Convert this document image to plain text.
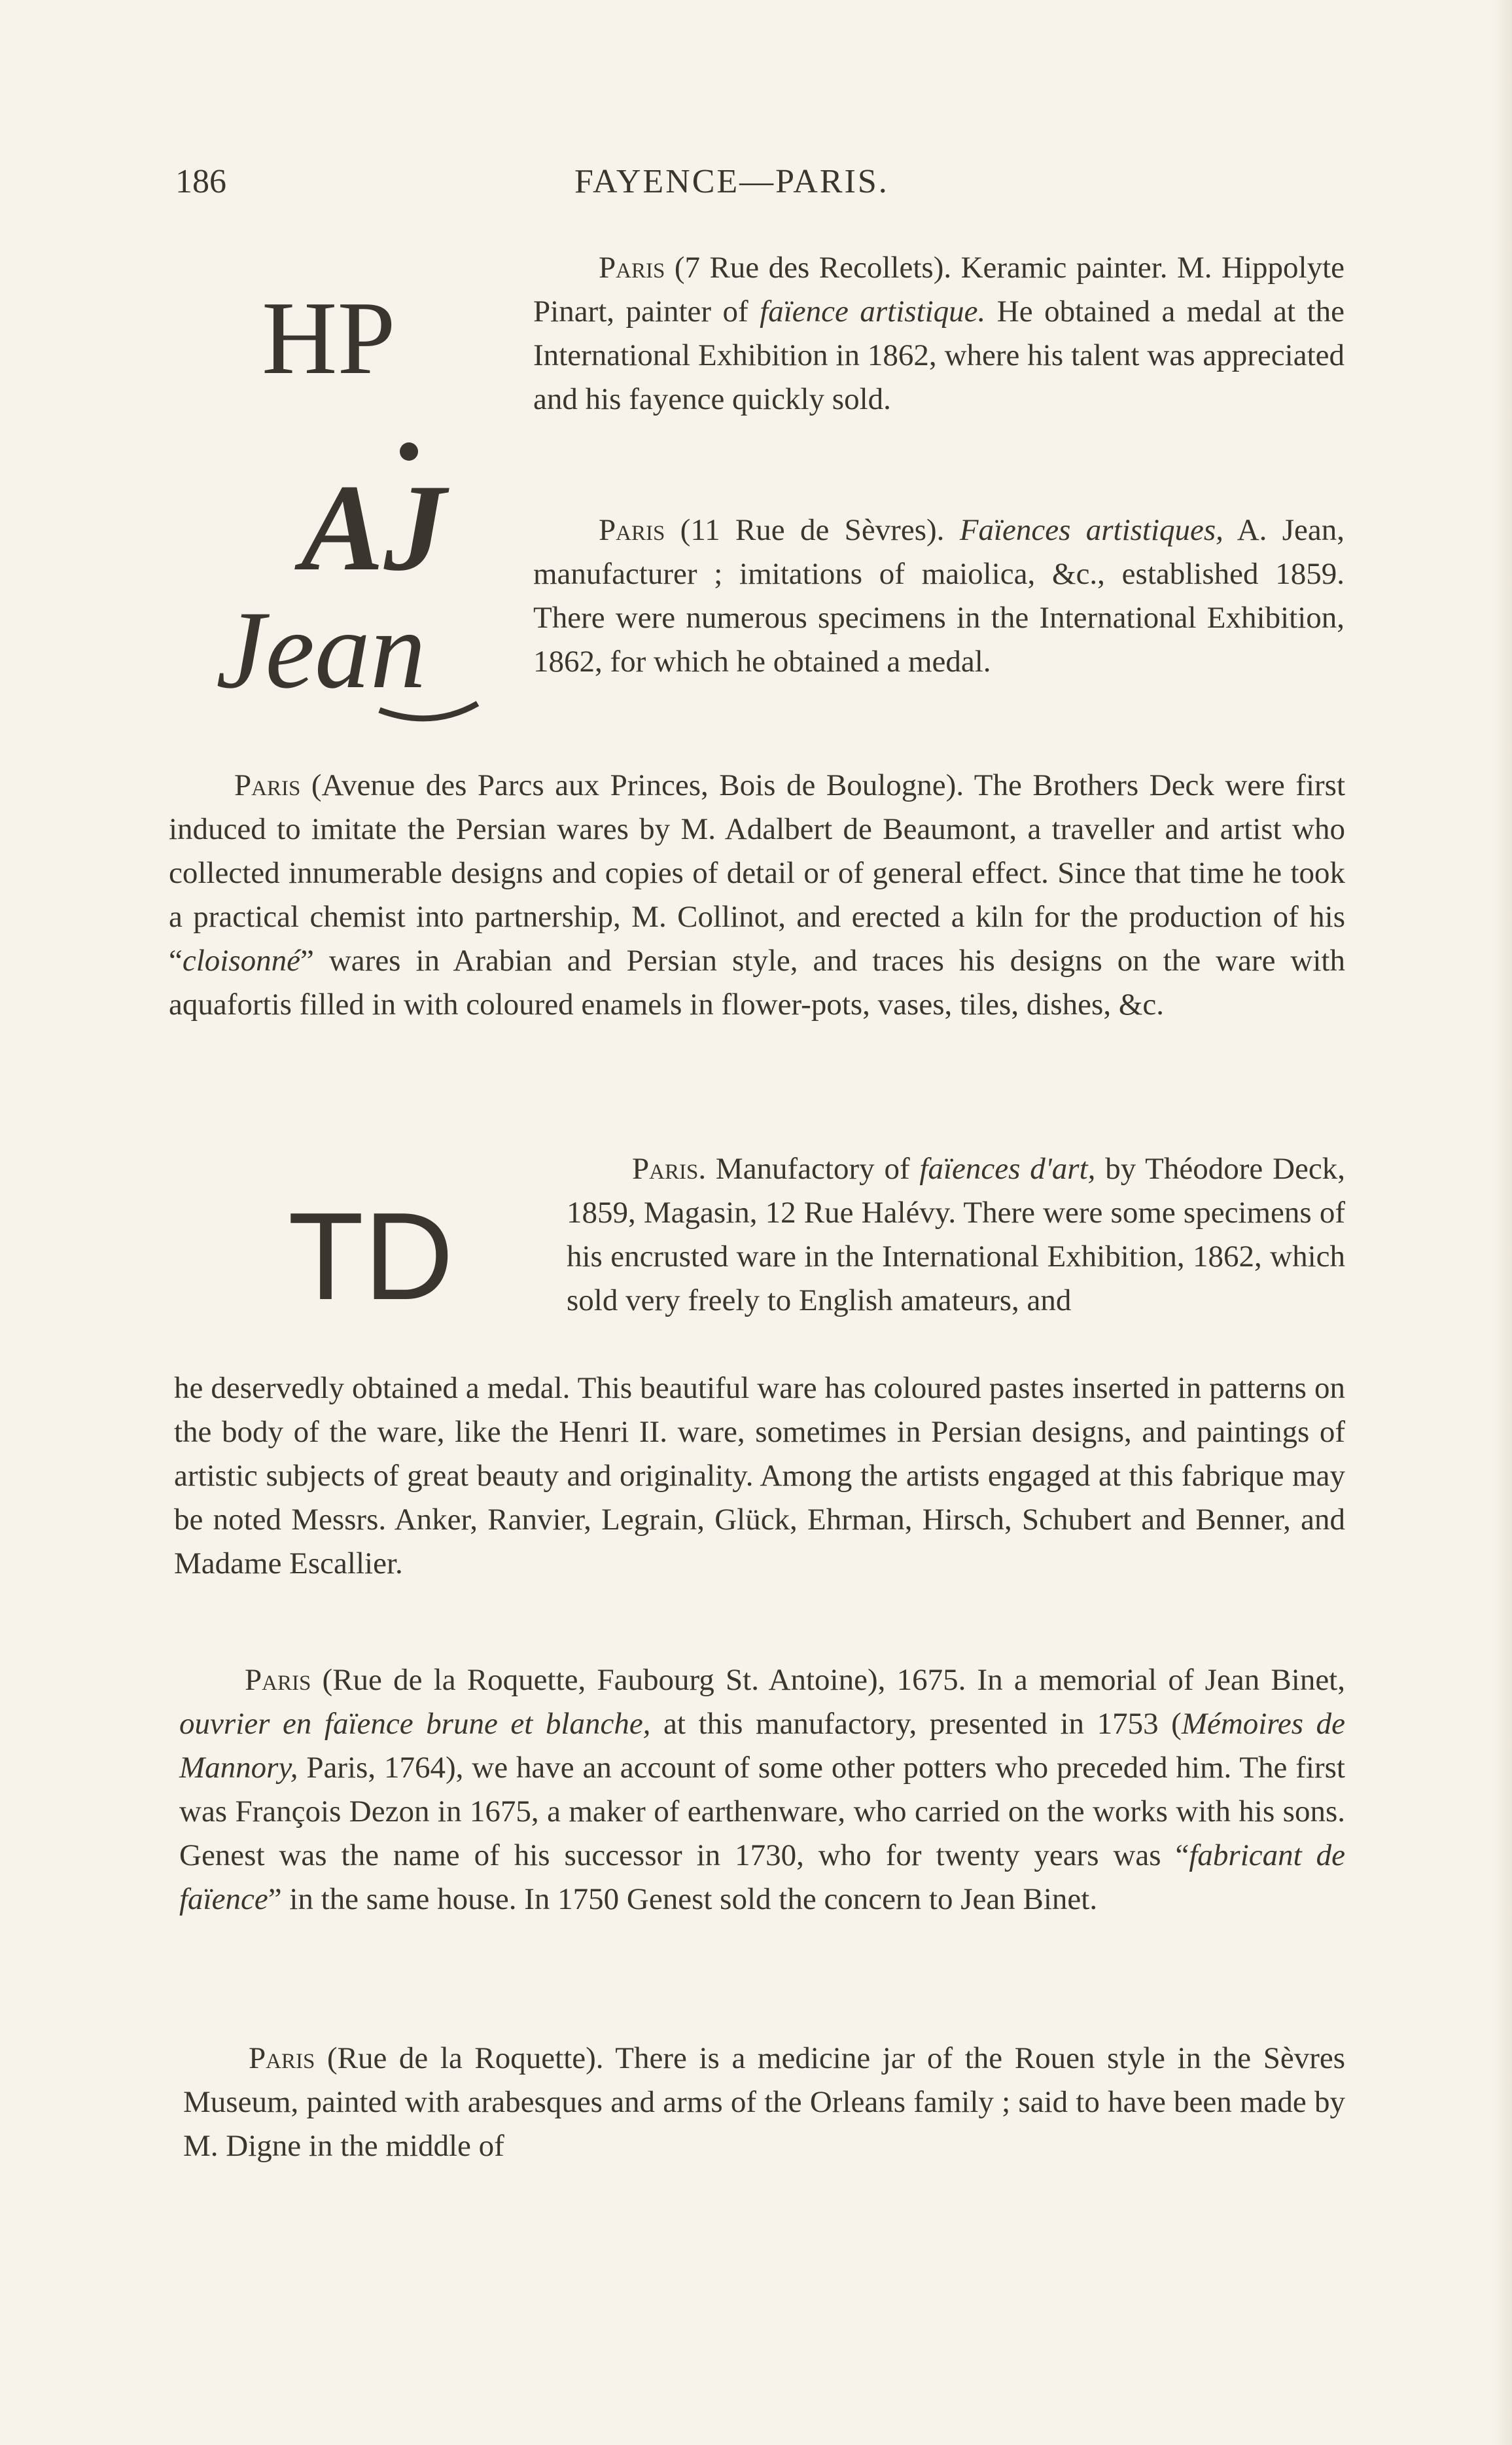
186	FAYENCE—PARIS.
HP
AJ
Jean
TD

Paris (7 Rue des Recollets). Keramic painter. M. Hippolyte Pinart, painter of faïence artistique. He obtained a medal at the International Exhibition in 1862, where his talent was appreciated and his fayence quickly sold.

Paris (11 Rue de Sèvres). Faïences artistiques, A. Jean, manufacturer ; imitations of maiolica, &c., established 1859. There were numerous specimens in the International Exhibition, 1862, for which he obtained a medal.

Paris (Avenue des Parcs aux Princes, Bois de Boulogne). The Brothers Deck were first induced to imitate the Persian wares by M. Adalbert de Beaumont, a traveller and artist who collected innumerable designs and copies of detail or of general effect. Since that time he took a practical chemist into partnership, M. Collinot, and erected a kiln for the production of his “cloisonné” wares in Arabian and Persian style, and traces his designs on the ware with aquafortis filled in with coloured enamels in flower-pots, vases, tiles, dishes, &c.

Paris. Manufactory of faïences d'art, by Théodore Deck, 1859, Magasin, 12 Rue Halévy. There were some specimens of his encrusted ware in the International Exhibition, 1862, which sold very freely to English amateurs, and

he deservedly obtained a medal. This beautiful ware has coloured pastes inserted in patterns on the body of the ware, like the Henri II. ware, sometimes in Persian designs, and paintings of artistic subjects of great beauty and originality. Among the artists engaged at this fabrique may be noted Messrs. Anker, Ranvier, Legrain, Glück, Ehrman, Hirsch, Schubert and Benner, and Madame Escallier.

Paris (Rue de la Roquette, Faubourg St. Antoine), 1675. In a memorial of Jean Binet, ouvrier en faïence brune et blanche, at this manufactory, presented in 1753 (Mémoires de Mannory, Paris, 1764), we have an account of some other potters who preceded him. The first was François Dezon in 1675, a maker of earthenware, who carried on the works with his sons. Genest was the name of his successor in 1730, who for twenty years was “fabricant de faïence” in the same house. In 1750 Genest sold the concern to Jean Binet.

Paris (Rue de la Roquette). There is a medicine jar of the Rouen style in the Sèvres Museum, painted with arabesques and arms of the Orleans family ; said to have been made by M. Digne in the middle of
